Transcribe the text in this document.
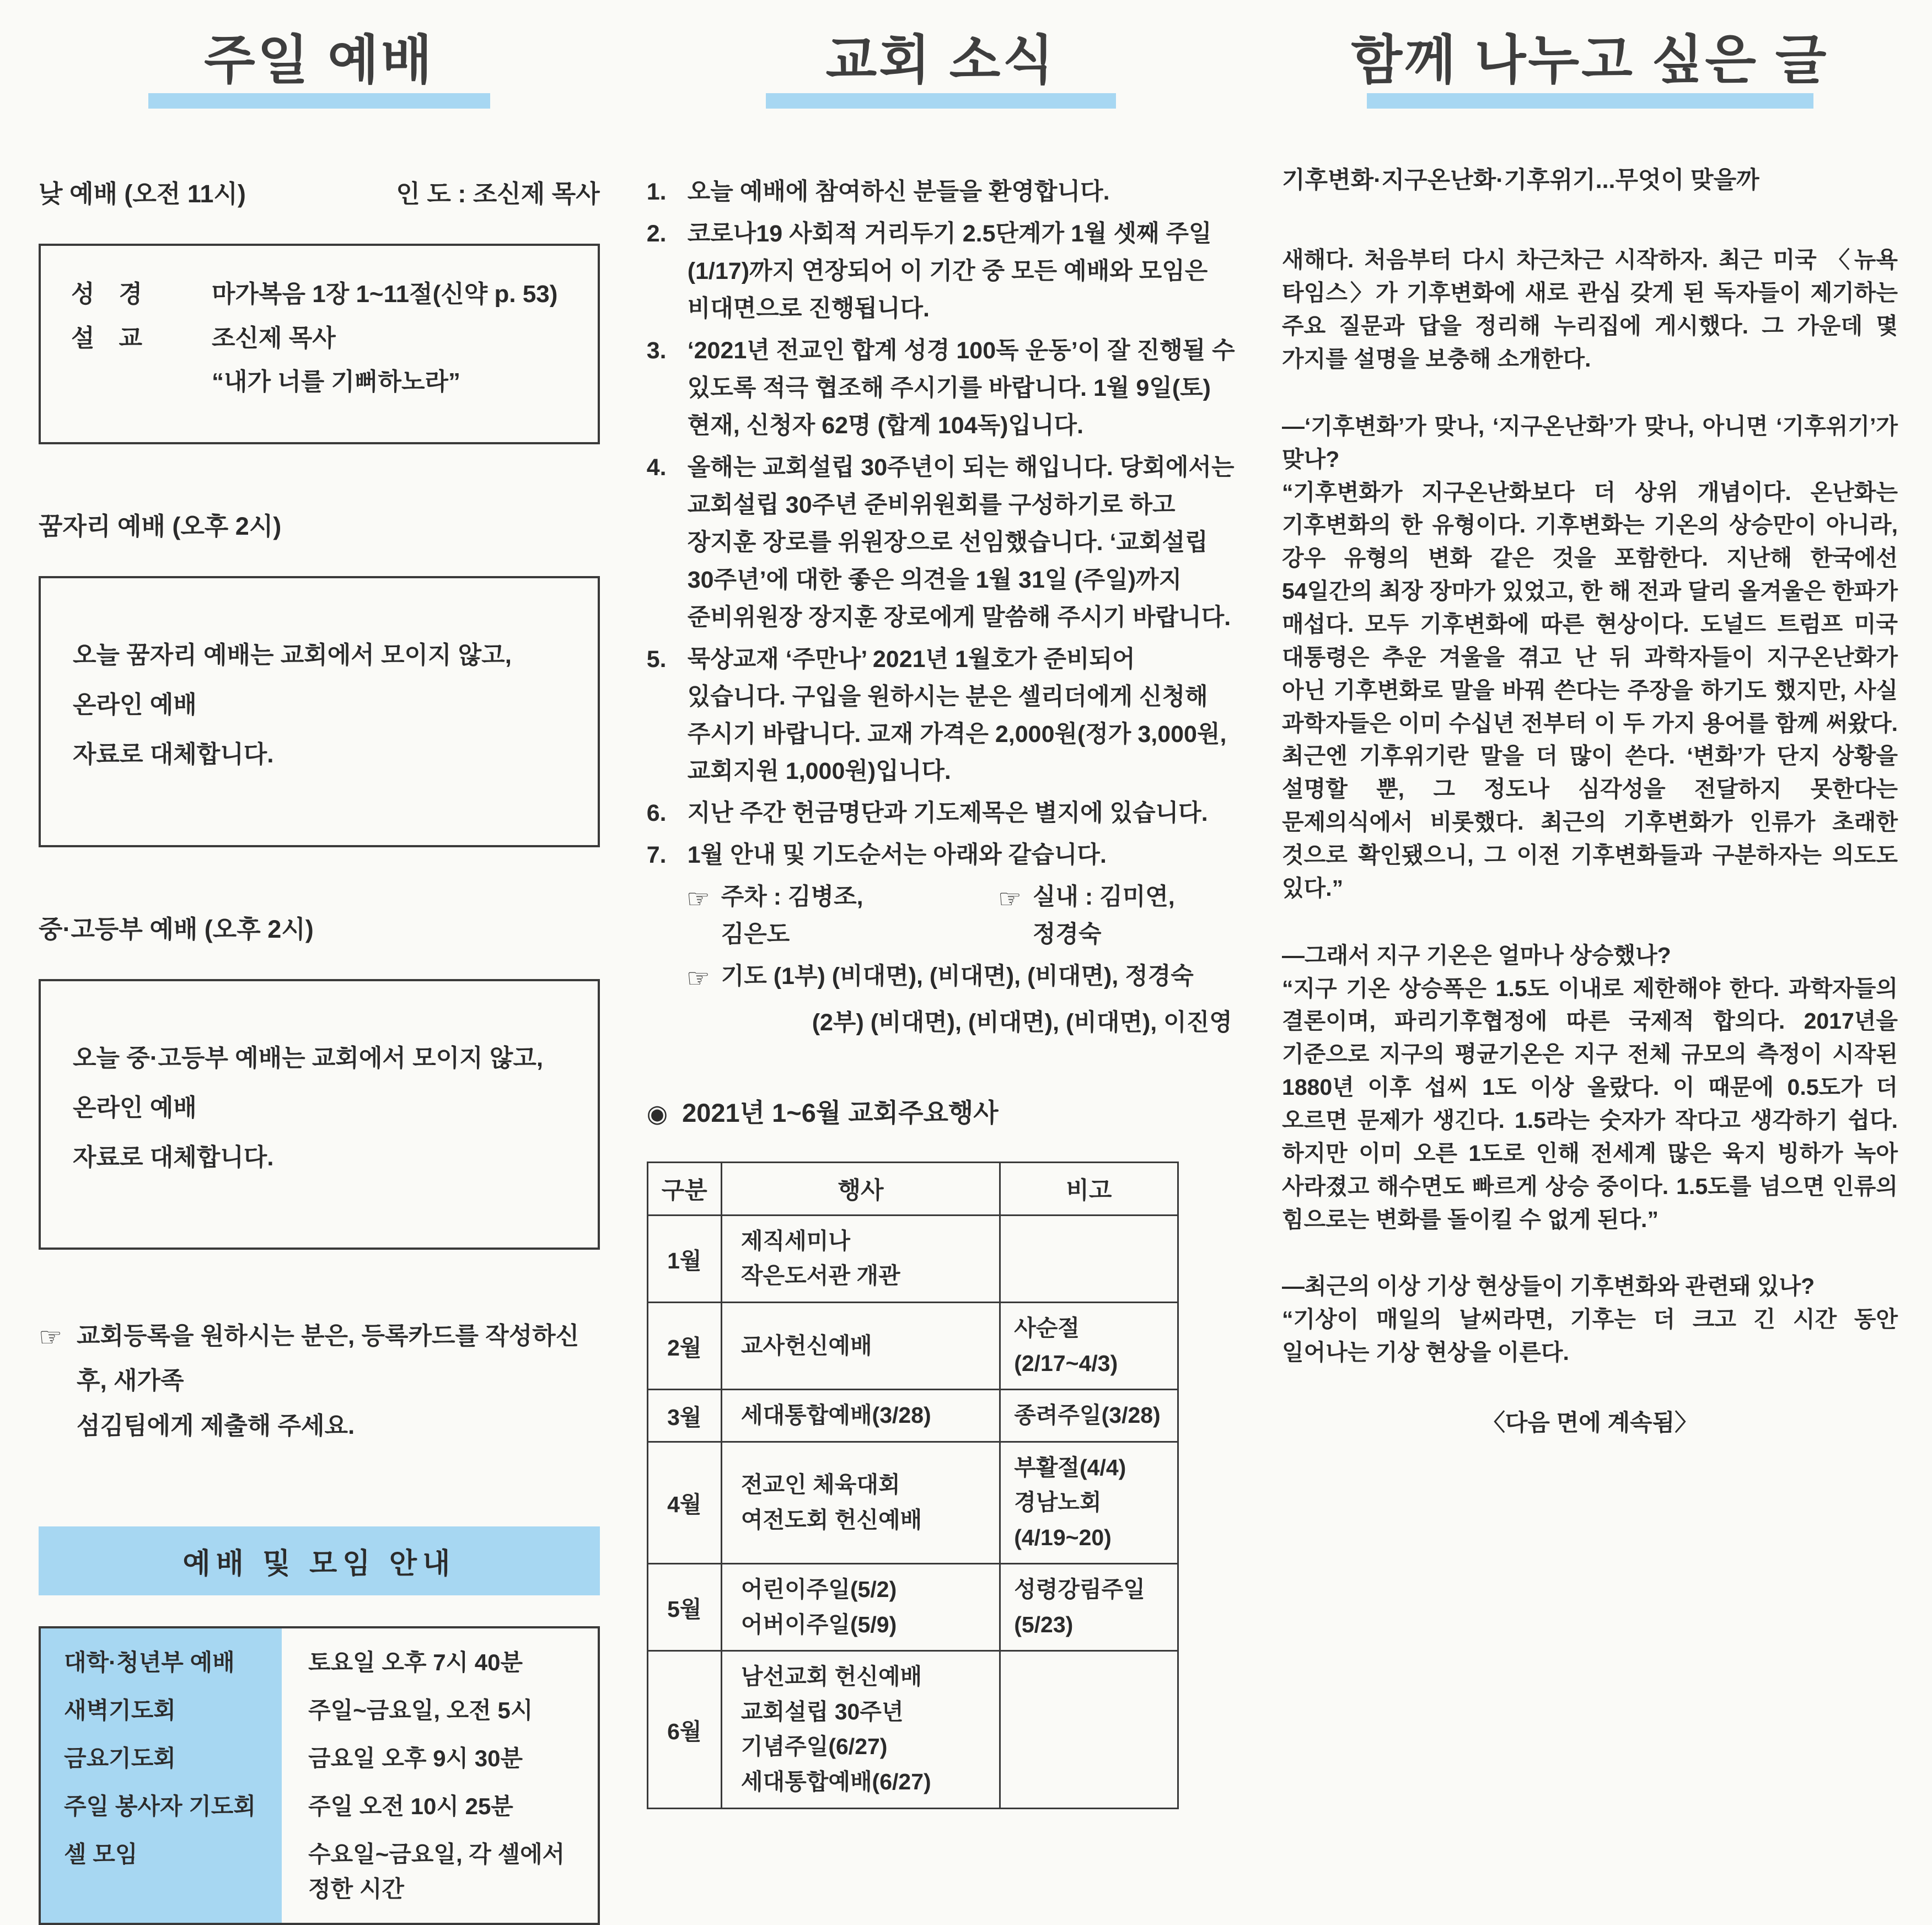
주일 예배
낮 예배 (오전 11시)	인 도 : 조신제 목사
성　경	마가복음 1장 1~11절(신약 p. 53)
설　교	조신제 목사
“내가 너를 기뻐하노라”
꿈자리 예배 (오후 2시)
오늘 꿈자리 예배는 교회에서 모이지 않고, 온라인 예배
자료로 대체합니다.
중·고등부 예배 (오후 2시)
오늘 중·고등부 예배는 교회에서 모이지 않고, 온라인 예배
자료로 대체합니다.
☞ 교회등록을 원하시는 분은, 등록카드를 작성하신 후, 새가족
섬김팀에게 제출해 주세요.
예배 및 모임 안내
대학·청년부 예배	토요일 오후 7시 40분
새벽기도회	주일~금요일, 오전 5시
금요기도회	금요일 오후 9시 30분
주일 봉사자 기도회	주일 오전 10시 25분
셀 모임	수요일~금요일, 각 셀에서 정한 시간
교회 소식
1. 오늘 예배에 참여하신 분들을 환영합니다.
2. 코로나19 사회적 거리두기 2.5단계가 1월 셋째 주일(1/17)까지 연장되어 이 기간 중 모든 예배와 모임은 비대면으로 진행됩니다.
3. ‘2021년 전교인 합계 성경 100독 운동’이 잘 진행될 수 있도록 적극 협조해 주시기를 바랍니다. 1월 9일(토) 현재, 신청자 62명 (합계 104독)입니다.
4. 올해는 교회설립 30주년이 되는 해입니다. 당회에서는 교회설립 30주년 준비위원회를 구성하기로 하고 장지훈 장로를 위원장으로 선임했습니다. ‘교회설립 30주년’에 대한 좋은 의견을 1월 31일 (주일)까지 준비위원장 장지훈 장로에게 말씀해 주시기 바랍니다.
5. 묵상교재 ‘주만나’ 2021년 1월호가 준비되어 있습니다. 구입을 원하시는 분은 셀리더에게 신청해 주시기 바랍니다. 교재 가격은 2,000원(정가 3,000원, 교회지원 1,000원)입니다.
6. 지난 주간 헌금명단과 기도제목은 별지에 있습니다.
7. 1월 안내 및 기도순서는 아래와 같습니다.
☞ 주차 : 김병조, 김은도
☞ 실내 : 김미연, 정경숙
☞ 기도 (1부) (비대면), (비대면), (비대면), 정경숙
(2부) (비대면), (비대면), (비대면), 이진영
◉ 2021년 1~6월 교회주요행사
구분	행사	비고
1월	제직세미나
작은도서관 개관	
2월	교사헌신예배	사순절(2/17~4/3)
3월	세대통합예배(3/28)	종려주일(3/28)
4월	전교인 체육대회
여전도회 헌신예배	부활절(4/4)
경남노회(4/19~20)
5월	어린이주일(5/2)
어버이주일(5/9)	성령강림주일(5/23)
6월	남선교회 헌신예배
교회설립 30주년 기념주일(6/27)
세대통합예배(6/27)	
함께 나누고 싶은 글
기후변화·지구온난화·기후위기...무엇이 맞을까

새해다. 처음부터 다시 차근차근 시작하자. 최근 미국 〈뉴욕 타임스〉가 기후변화에 새로 관심 갖게 된 독자들이 제기하는 주요 질문과 답을 정리해 누리집에 게시했다. 그 가운데 몇 가지를 설명을 보충해 소개한다.

―‘기후변화’가 맞나, ‘지구온난화’가 맞나, 아니면 ‘기후위기’가 맞나?

“기후변화가 지구온난화보다 더 상위 개념이다. 온난화는 기후변화의 한 유형이다. 기후변화는 기온의 상승만이 아니라, 강우 유형의 변화 같은 것을 포함한다. 지난해 한국에선 54일간의 최장 장마가 있었고, 한 해 전과 달리 올겨울은 한파가 매섭다. 모두 기후변화에 따른 현상이다. 도널드 트럼프 미국 대통령은 추운 겨울을 겪고 난 뒤 과학자들이 지구온난화가 아닌 기후변화로 말을 바꿔 쓴다는 주장을 하기도 했지만, 사실 과학자들은 이미 수십년 전부터 이 두 가지 용어를 함께 써왔다. 최근엔 기후위기란 말을 더 많이 쓴다. ‘변화’가 단지 상황을 설명할 뿐, 그 정도나 심각성을 전달하지 못한다는 문제의식에서 비롯했다. 최근의 기후변화가 인류가 초래한 것으로 확인됐으니, 그 이전 기후변화들과 구분하자는 의도도 있다.”

―그래서 지구 기온은 얼마나 상승했나?

“지구 기온 상승폭은 1.5도 이내로 제한해야 한다. 과학자들의 결론이며, 파리기후협정에 따른 국제적 합의다. 2017년을 기준으로 지구의 평균기온은 지구 전체 규모의 측정이 시작된 1880년 이후 섭씨 1도 이상 올랐다. 이 때문에 0.5도가 더 오르면 문제가 생긴다. 1.5라는 숫자가 작다고 생각하기 쉽다. 하지만 이미 오른 1도로 인해 전세계 많은 육지 빙하가 녹아 사라졌고 해수면도 빠르게 상승 중이다. 1.5도를 넘으면 인류의 힘으로는 변화를 돌이킬 수 없게 된다.”

―최근의 이상 기상 현상들이 기후변화와 관련돼 있나?

“기상이 매일의 날씨라면, 기후는 더 크고 긴 시간 동안 일어나는 기상 현상을 이른다.

〈다음 면에 계속됨〉
